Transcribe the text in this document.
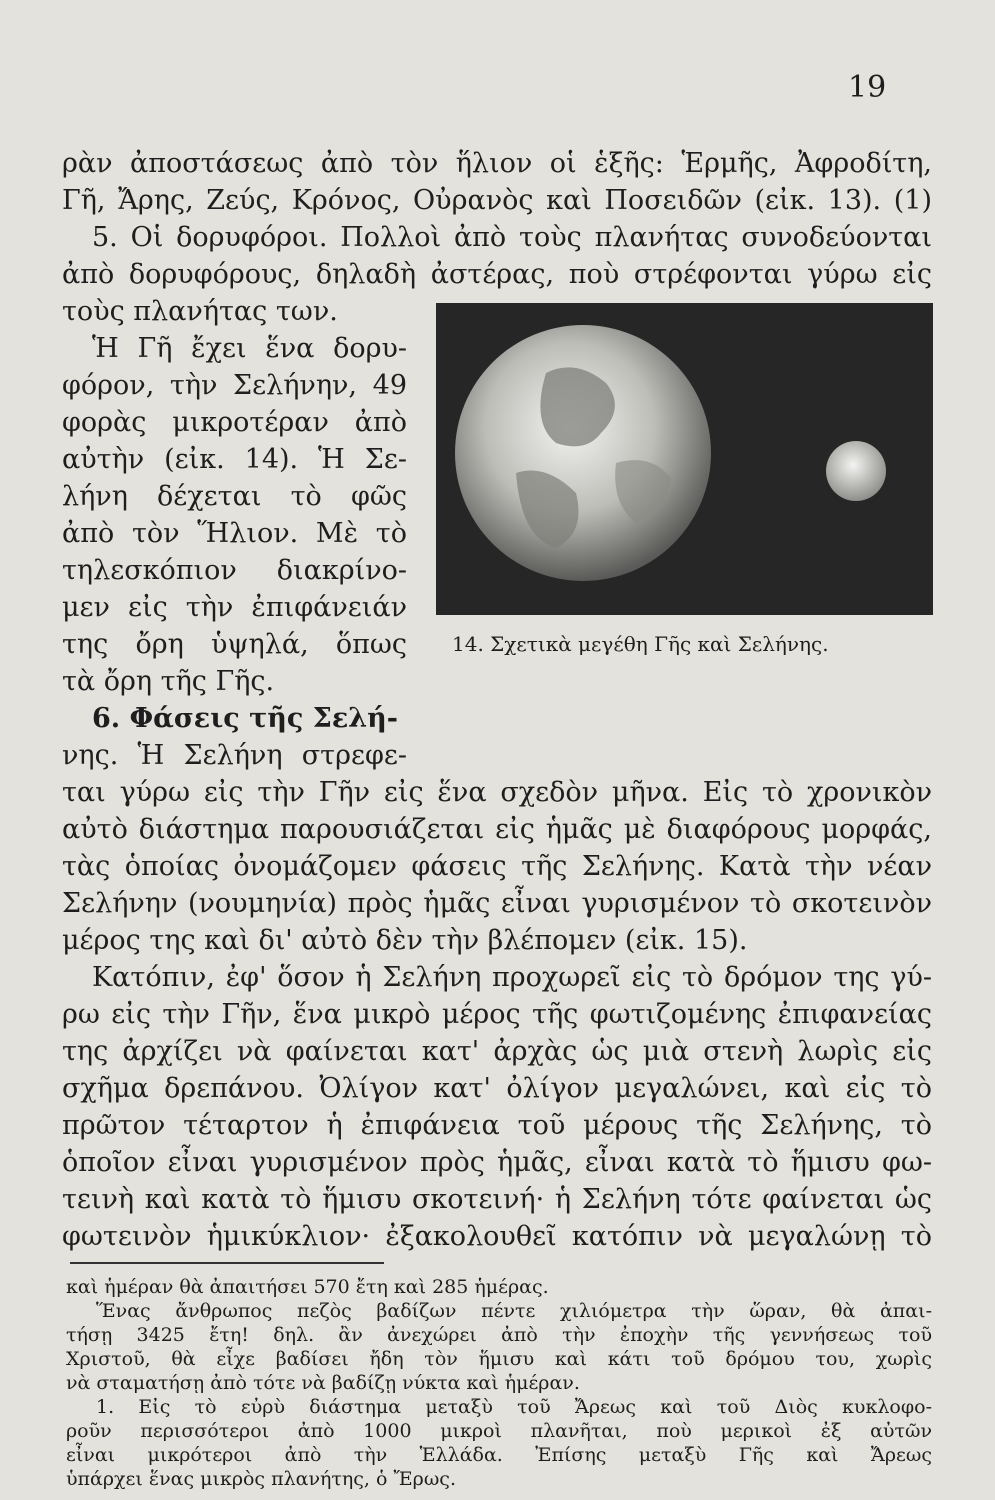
19
ρὰν ἀποστάσεως ἀπὸ τὸν ἥλιον οἱ ἑξῆς: Ἑρμῆς, Ἀφροδίτη,
Γῆ, Ἄρης, Ζεύς, Κρόνος, Οὐρανὸς καὶ Ποσειδῶν (εἰκ. 13). (1)
5. Οἱ δορυφόροι. Πολλοὶ ἀπὸ τοὺς πλανήτας συνοδεύονται
ἀπὸ δορυφόρους, δηλαδὴ ἀστέρας, ποὺ στρέφονται γύρω εἰς
τοὺς πλανήτας των.
Ἡ Γῆ ἔχει ἕνα δορυ-
φόρον, τὴν Σελήνην, 49
φορὰς μικροτέραν ἀπὸ
αὐτὴν (εἰκ. 14). Ἡ Σε-
λήνη δέχεται τὸ φῶς
ἀπὸ τὸν Ἥλιον. Μὲ τὸ
τηλεσκόπιον διακρίνο-
μεν εἰς τὴν ἐπιφάνειάν
της ὄρη ὑψηλά, ὅπως
τὰ ὄρη τῆς Γῆς.
6. Φάσεις τῆς Σελή-
νης. Ἡ Σελήνη στρεφε-
14. Σχετικὰ μεγέθη Γῆς καὶ Σελήνης.
ται γύρω εἰς τὴν Γῆν εἰς ἕνα σχεδὸν μῆνα. Εἰς τὸ χρονικὸν
αὐτὸ διάστημα παρουσιάζεται εἰς ἡμᾶς μὲ διαφόρους μορφάς,
τὰς ὁποίας ὀνομάζομεν φάσεις τῆς Σελήνης. Κατὰ τὴν νέαν
Σελήνην (νουμηνία) πρὸς ἡμᾶς εἶναι γυρισμένον τὸ σκοτεινὸν
μέρος της καὶ δι' αὐτὸ δὲν τὴν βλέπομεν (εἰκ. 15).
Κατόπιν, ἐφ' ὅσον ἡ Σελήνη προχωρεῖ εἰς τὸ δρόμον της γύ-
ρω εἰς τὴν Γῆν, ἕνα μικρὸ μέρος τῆς φωτιζομένης ἐπιφανείας
της ἀρχίζει νὰ φαίνεται κατ' ἀρχὰς ὡς μιὰ στενὴ λωρὶς εἰς
σχῆμα δρεπάνου. Ὀλίγον κατ' ὀλίγον μεγαλώνει, καὶ εἰς τὸ
πρῶτον τέταρτον ἡ ἐπιφάνεια τοῦ μέρους τῆς Σελήνης, τὸ
ὁποῖον εἶναι γυρισμένον πρὸς ἡμᾶς, εἶναι κατὰ τὸ ἥμισυ φω-
τεινὴ καὶ κατὰ τὸ ἥμισυ σκοτεινή· ἡ Σελήνη τότε φαίνεται ὡς
φωτεινὸν ἡμικύκλιον· ἐξακολουθεῖ κατόπιν νὰ μεγαλώνῃ τὸ
καὶ ἡμέραν θὰ ἀπαιτήσει 570 ἔτη καὶ 285 ἡμέρας.
Ἕνας ἄνθρωπος πεζὸς βαδίζων πέντε χιλιόμετρα τὴν ὥραν, θὰ ἀπαι-
τήσῃ 3425 ἔτη! δηλ. ἂν ἀνεχώρει ἀπὸ τὴν ἐποχὴν τῆς γεννήσεως τοῦ
Χριστοῦ, θὰ εἶχε βαδίσει ἤδη τὸν ἥμισυ καὶ κάτι τοῦ δρόμου του, χωρὶς
νὰ σταματήσῃ ἀπὸ τότε νὰ βαδίζῃ νύκτα καὶ ἡμέραν.
1. Εἰς τὸ εὐρὺ διάστημα μεταξὺ τοῦ Ἄρεως καὶ τοῦ Διὸς κυκλοφο-
ροῦν περισσότεροι ἀπὸ 1000 μικροὶ πλανῆται, ποὺ μερικοὶ ἐξ αὐτῶν
εἶναι μικρότεροι ἀπὸ τὴν Ἑλλάδα. Ἐπίσης μεταξὺ Γῆς καὶ Ἄρεως
ὑπάρχει ἕνας μικρὸς πλανήτης, ὁ Ἔρως.
